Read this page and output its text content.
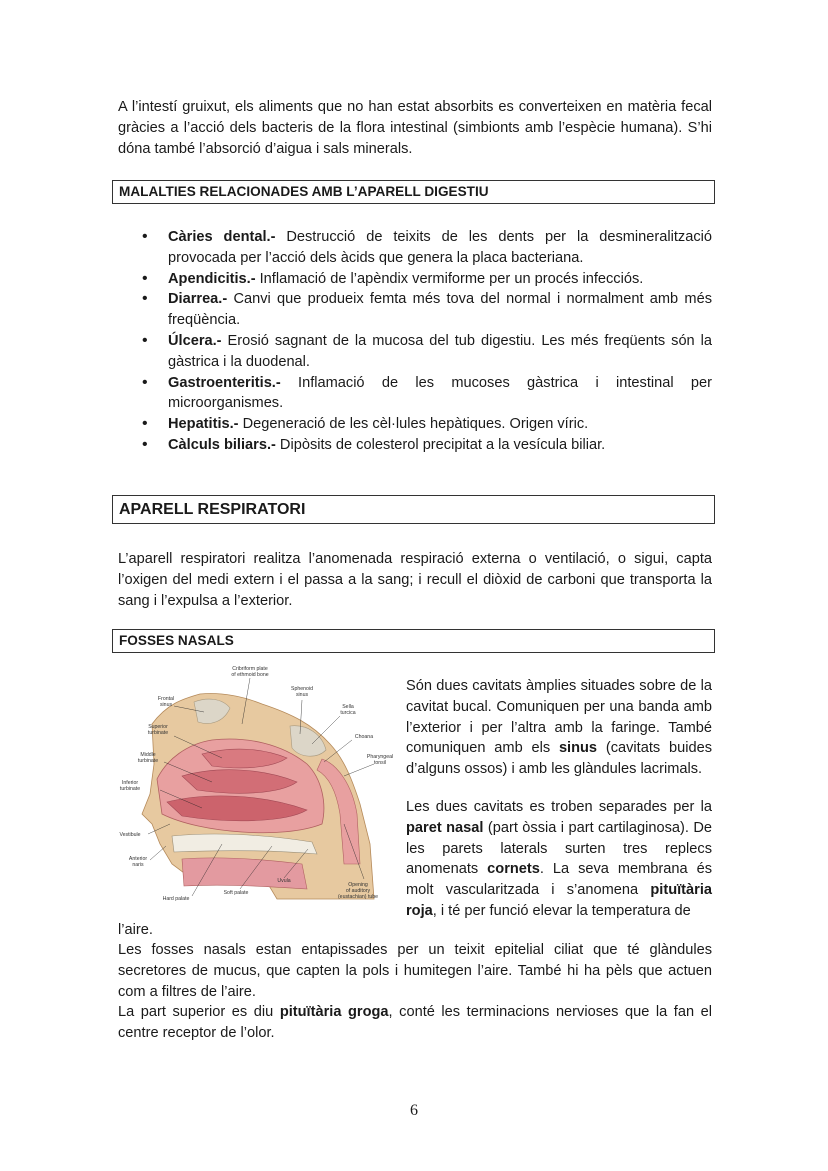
A l’intestí gruixut, els aliments que no han estat absorbits es converteixen en matèria fecal gràcies a l’acció dels bacteris de la flora intestinal (simbionts amb l’espècie humana). S’hi dóna també l’absorció d’aigua i sals minerals.

MALALTIES RELACIONADES AMB L’APARELL DIGESTIU
• Càries dental.- Destrucció de teixits de les dents per la desmineralització provocada per l’acció dels àcids que genera la placa bacteriana.
• Apendicitis.- Inflamació de l’apèndix vermiforme per un procés infecciós.
• Diarrea.- Canvi que produeix femta més tova del normal i normalment amb més freqüència.
• Úlcera.- Erosió sagnant de la mucosa del tub digestiu. Les més freqüents són la gàstrica i la duodenal.
• Gastroenteritis.- Inflamació de les mucoses gàstrica i intestinal per microorganismes.
• Hepatitis.- Degeneració de les cèl·lules hepàtiques. Origen víric.
• Càlculs biliars.- Dipòsits de colesterol precipitat a la vesícula biliar.
APARELL RESPIRATORI

L’aparell respiratori realitza l’anomenada respiració externa o ventilació, o sigui, capta l’oxigen del medi extern i el passa a la sang; i recull el diòxid de carboni que transporta la sang i l’expulsa a l’exterior.

FOSSES NASALS
Cribriform plate
of ethmoid bone
Frontal
sinus
Sphenoid
sinus
Sella
turcica
Choana
Superior
turbinate
Middle
turbinate
Pharyngeal
tonsil
Inferior
turbinate
Vestibule
Anterior
naris
Uvula
Opening
of auditory
(eustachian) tube
Soft palate
Hard palate

Són dues cavitats àmplies situades sobre de la cavitat bucal. Comuniquen per una banda amb l’exterior i per l’altra amb la faringe. També comuniquen amb els sinus (cavitats buides d’alguns ossos) i amb les glàndules lacrimals.

Les dues cavitats es troben separades per la paret nasal (part òssia i part cartilaginosa). De les parets laterals surten tres replecs anomenats cornets. La seva membrana és molt vascularitzada i s’anomena pituïtària roja, i té per funció elevar la temperatura de

l’aire.

Les fosses nasals estan entapissades per un teixit epitelial ciliat que té glàndules secretores de mucus, que capten la pols i humitegen l’aire. També hi ha pèls que actuen com a filtres de l’aire.

La part superior es diu pituïtària groga, conté les terminacions nervioses que la fan el centre receptor de l’olor.

6
